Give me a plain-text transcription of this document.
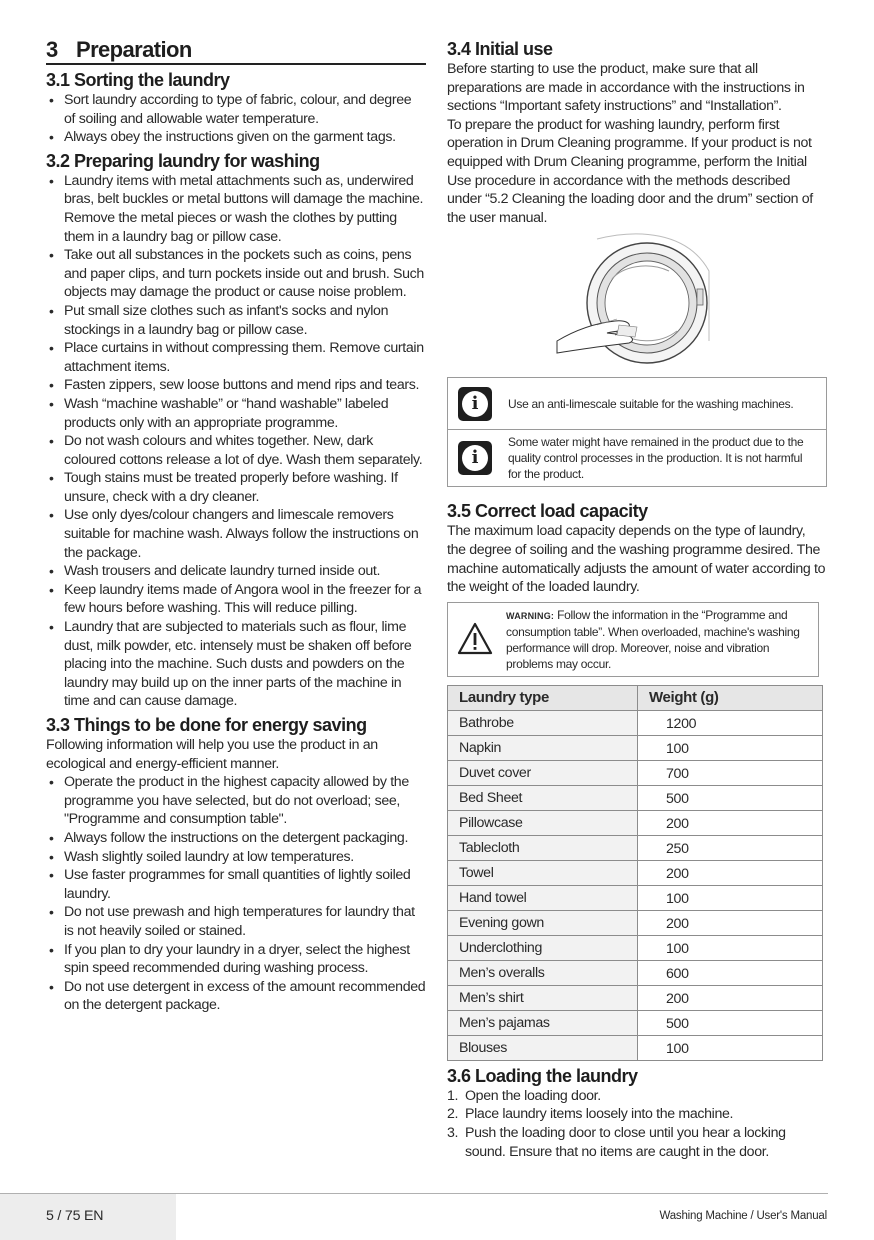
3 Preparation
3.1 Sorting the laundry
• Sort laundry according to type of fabric, colour, and degree of soiling and allowable water temperature.
• Always obey the instructions given on the garment tags.
3.2 Preparing laundry for washing
• Laundry items with metal attachments such as, underwired bras, belt buckles or metal buttons will damage the machine. Remove the metal pieces or wash the clothes by putting them in a laundry bag or pillow case.
• Take out all substances in the pockets such as coins, pens and paper clips, and turn pockets inside out and brush. Such objects may damage the product or cause noise problem.
• Put small size clothes such as infant's socks and nylon stockings in a laundry bag or pillow case.
• Place curtains in without compressing them. Remove curtain attachment items.
• Fasten zippers, sew loose buttons and mend rips and tears.
• Wash “machine washable” or “hand washable” labeled products only with an appropriate programme.
• Do not wash colours and whites together. New, dark coloured cottons release a lot of dye. Wash them separately.
• Tough stains must be treated properly before washing. If unsure, check with a dry cleaner.
• Use only dyes/colour changers and limescale removers suitable for machine wash. Always follow the instructions on the package.
• Wash trousers and delicate laundry turned inside out.
• Keep laundry items made of Angora wool in the freezer for a few hours before washing. This will reduce pilling.
• Laundry that are subjected to materials such as flour, lime dust, milk powder, etc. intensely must be shaken off before placing into the machine. Such dusts and powders on the laundry may build up on the inner parts of the machine in time and can cause damage.
3.3 Things to be done for energy saving

Following information will help you use the product in an ecological and energy-efficient manner.

• Operate the product in the highest capacity allowed by the programme you have selected, but do not overload; see, "Programme and consumption table".
• Always follow the instructions on the detergent packaging.
• Wash slightly soiled laundry at low temperatures.
• Use faster programmes for small quantities of lightly soiled laundry.
• Do not use prewash and high temperatures for laundry that is not heavily soiled or stained.
• If you plan to dry your laundry in a dryer, select the highest spin speed recommended during washing process.
• Do not use detergent in excess of the amount recommended on the detergent package.
3.4 Initial use

Before starting to use the product, make sure that all preparations are made in accordance with the instructions in sections “Important safety instructions” and “Installation”.

To prepare the product for washing laundry, perform first operation in Drum Cleaning programme. If your product is not equipped with Drum Cleaning programme, perform the Initial Use procedure in accordance with the methods described under “5.2 Cleaning the loading door and the drum” section of the user manual.

i	Use an anti-limescale suitable for the washing machines.
i
Some water might have remained in the product due to the quality control processes in the production. It is not harmful for the product.
3.5 Correct load capacity

The maximum load capacity depends on the type of laundry, the degree of soiling and the washing programme desired. The machine automatically adjusts the amount of water according to the weight of the loaded laundry.

WARNING: Follow the information in the “Programme and consumption table”. When overloaded, machine's washing performance will drop. Moreover, noise and vibration problems may occur.
Laundry type	Weight (g)
Bathrobe	1200
Napkin	100
Duvet cover	700
Bed Sheet	500
Pillowcase	200
Tablecloth	250
Towel	200
Hand towel	100
Evening gown	200
Underclothing	100
Men’s overalls	600
Men’s shirt	200
Men’s pajamas	500
Blouses	100
3.6 Loading the laundry
1. Open the loading door.
2. Place laundry items loosely into the machine.
3. Push the loading door to close until you hear a locking sound. Ensure that no items are caught in the door.
5 / 75 EN	Washing Machine / User's Manual
